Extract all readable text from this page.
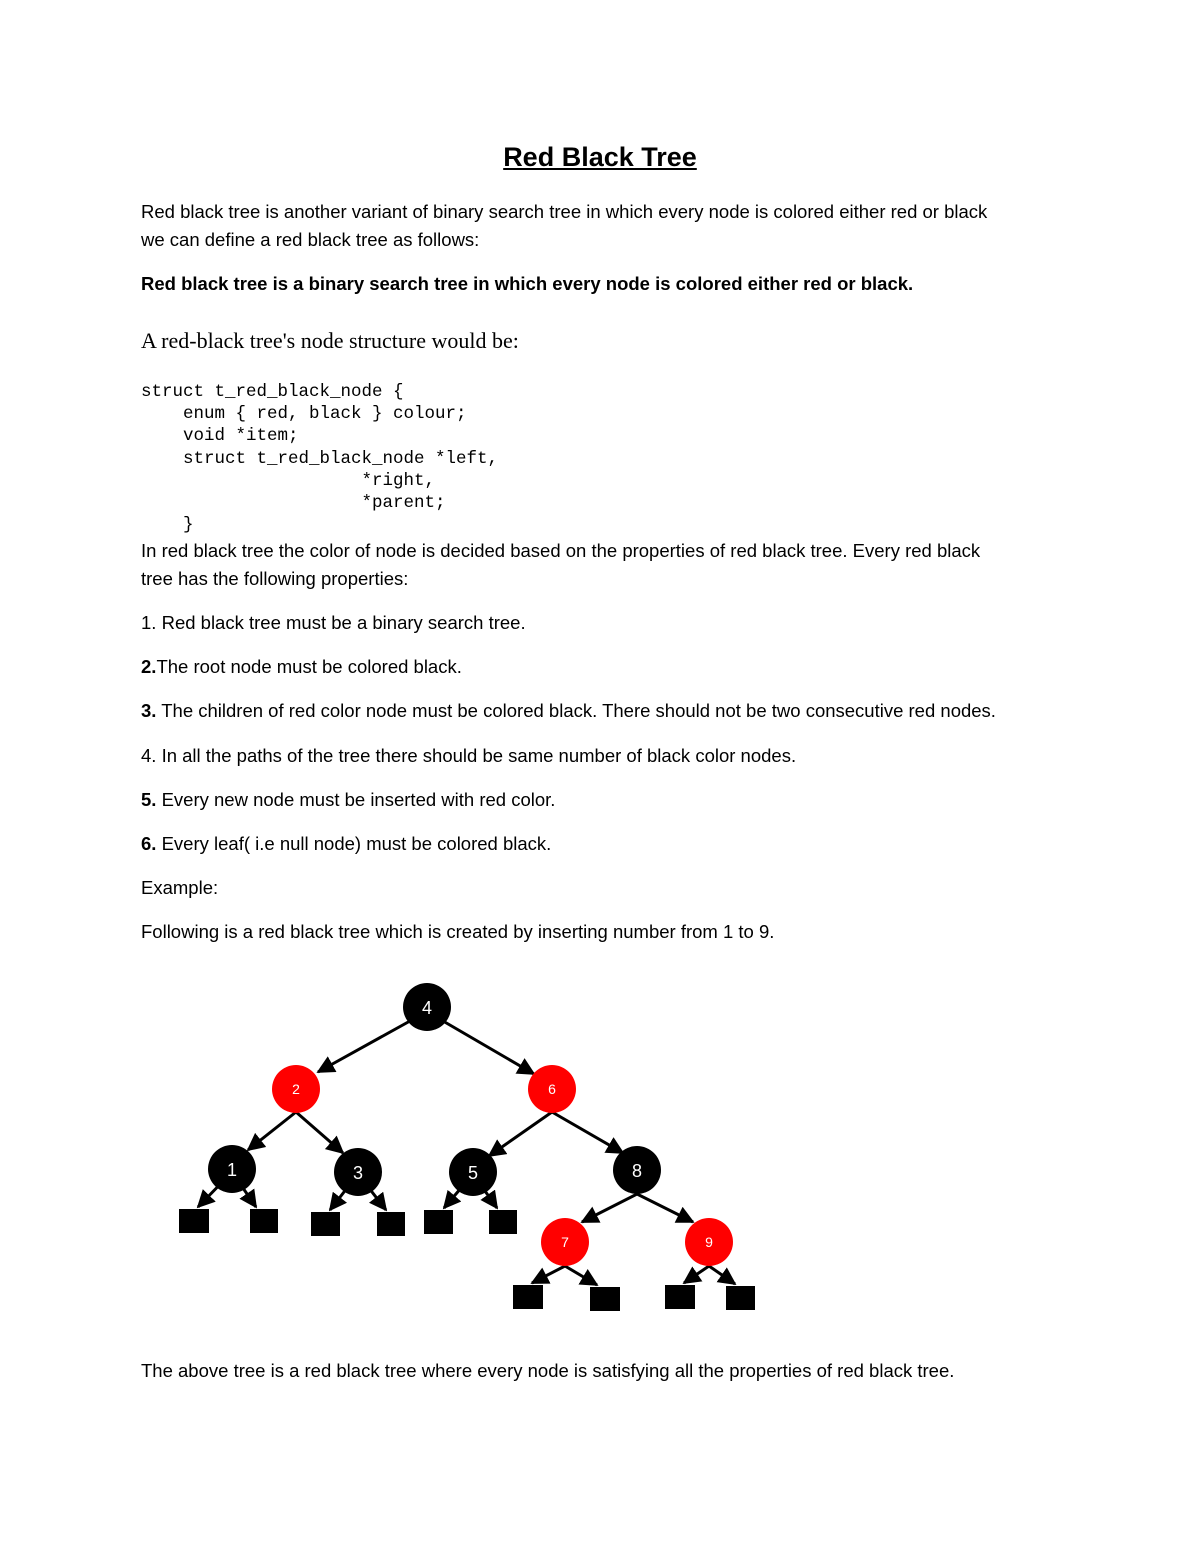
Red Black Tree
Red black tree is another variant of binary search tree in which every node is colored either red or black
we can define a red black tree as follows:
Red black tree is a binary search tree in which every node is colored either red or black.
A red-black tree's node structure would be:
struct t_red_black_node {
enum { red, black } colour;
void *item;
struct t_red_black_node *left,
*right,
*parent;
}
In red black tree the color of node is decided based on the properties of red black tree. Every red black
tree has the following properties:
1. Red black tree must be a binary search tree.
2.The root node must be colored black.
3. The children of red color node must be colored black. There should not be two consecutive red nodes.
4. In all the paths of the tree there should be same number of black color nodes.
5. Every new node must be inserted with red color.
6. Every leaf( i.e null node) must be colored black.
Example:
Following is a red black tree which is created by inserting number from 1 to 9.
4
2	6
1	3	5	8
7	9
The above tree is a red black tree where every node is satisfying all the properties of red black tree.
